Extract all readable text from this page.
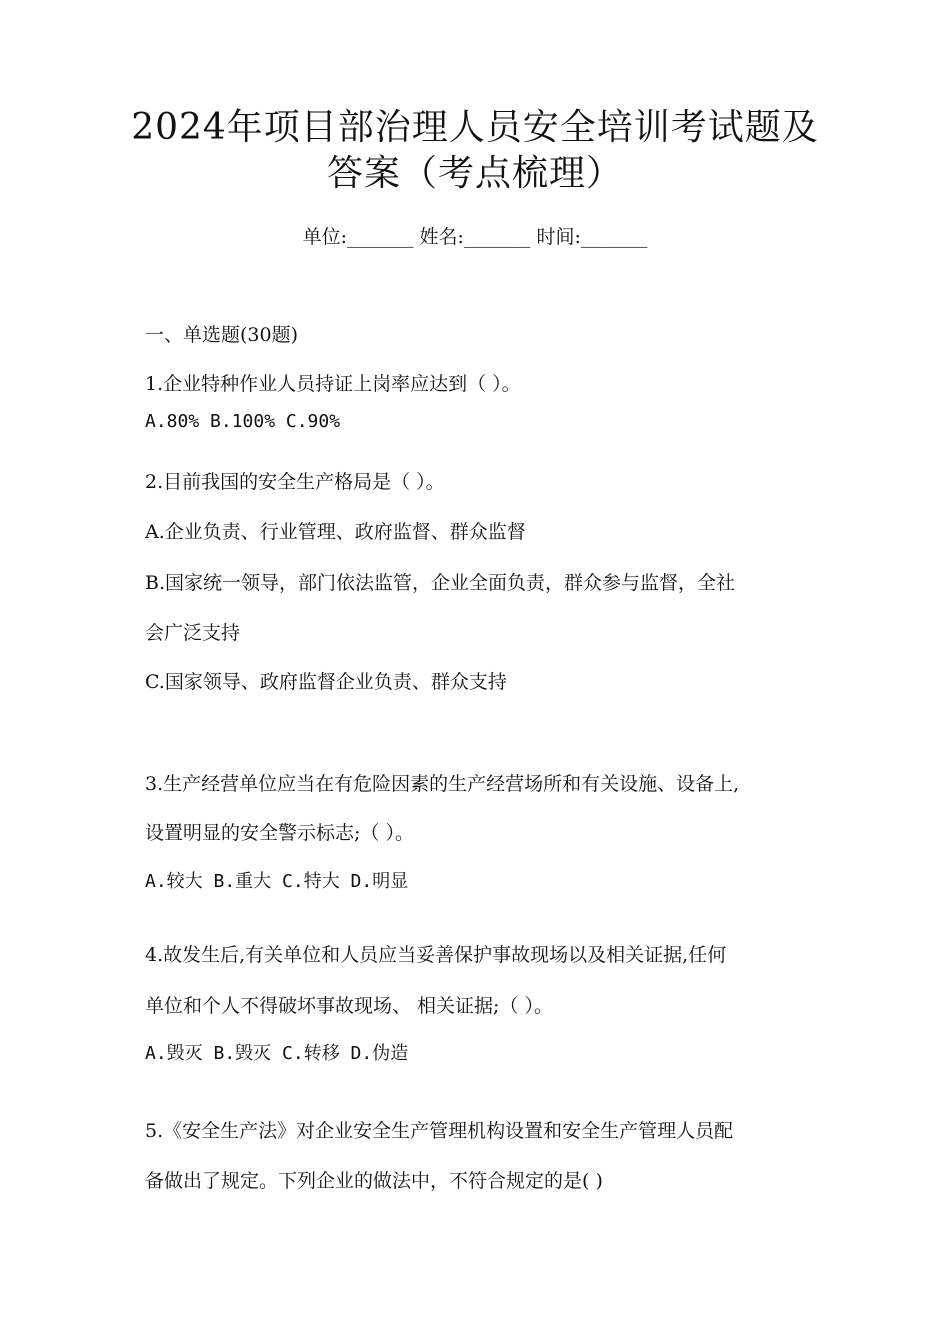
2024年项目部治理人员安全培训考试题及
答案（考点梳理）
单位:_______ 姓名:_______ 时间:_______
一、单选题(30题)
1.企业特种作业人员持证上岗率应达到（ ）。
A.80% B.100% C.90%
2.目前我国的安全生产格局是（ ）。
A.企业负责、行业管理、政府监督、群众监督
B.国家统一领导，部门依法监管，企业全面负责，群众参与监督，全社
会广泛支持
C.国家领导、政府监督企业负责、群众支持
3.生产经营单位应当在有危险因素的生产经营场所和有关设施、设备上,
设置明显的安全警示标志;（ ）。
A.较大 B.重大 C.特大 D.明显
4.故发生后,有关单位和人员应当妥善保护事故现场以及相关证据,任何
单位和个人不得破坏事故现场、 相关证据;（ ）。
A.毁灭 B.毁灭 C.转移 D.伪造
5.《安全生产法》对企业安全生产管理机构设置和安全生产管理人员配
备做出了规定。下列企业的做法中，不符合规定的是( )
